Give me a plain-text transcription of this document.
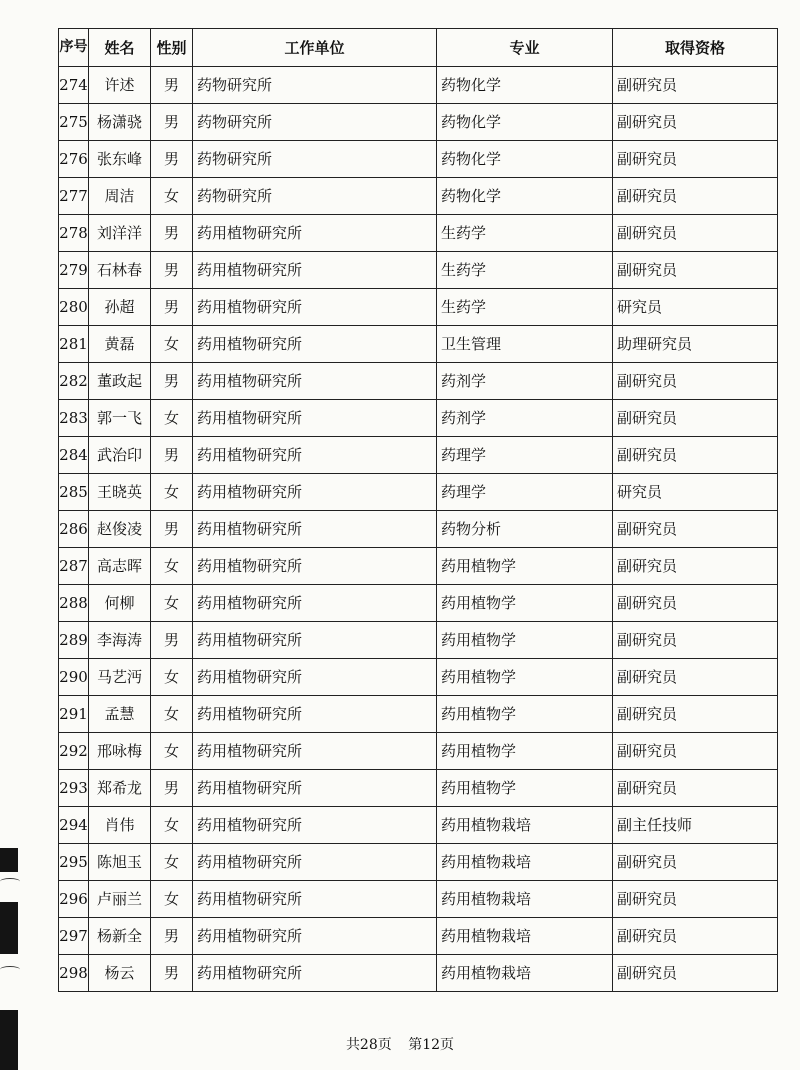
序号	姓名	性别	工作单位	专业	取得资格
274	许述	男	药物研究所	药物化学	副研究员
275	杨潇骁	男	药物研究所	药物化学	副研究员
276	张东峰	男	药物研究所	药物化学	副研究员
277	周洁	女	药物研究所	药物化学	副研究员
278	刘洋洋	男	药用植物研究所	生药学	副研究员
279	石林春	男	药用植物研究所	生药学	副研究员
280	孙超	男	药用植物研究所	生药学	研究员
281	黄磊	女	药用植物研究所	卫生管理	助理研究员
282	董政起	男	药用植物研究所	药剂学	副研究员
283	郭一飞	女	药用植物研究所	药剂学	副研究员
284	武治印	男	药用植物研究所	药理学	副研究员
285	王晓英	女	药用植物研究所	药理学	研究员
286	赵俊凌	男	药用植物研究所	药物分析	副研究员
287	高志晖	女	药用植物研究所	药用植物学	副研究员
288	何柳	女	药用植物研究所	药用植物学	副研究员
289	李海涛	男	药用植物研究所	药用植物学	副研究员
290	马艺沔	女	药用植物研究所	药用植物学	副研究员
291	孟慧	女	药用植物研究所	药用植物学	副研究员
292	邢咏梅	女	药用植物研究所	药用植物学	副研究员
293	郑希龙	男	药用植物研究所	药用植物学	副研究员
294	肖伟	女	药用植物研究所	药用植物栽培	副主任技师
295	陈旭玉	女	药用植物研究所	药用植物栽培	副研究员
296	卢丽兰	女	药用植物研究所	药用植物栽培	副研究员
297	杨新全	男	药用植物研究所	药用植物栽培	副研究员
298	杨云	男	药用植物研究所	药用植物栽培	副研究员
共28页 第12页
